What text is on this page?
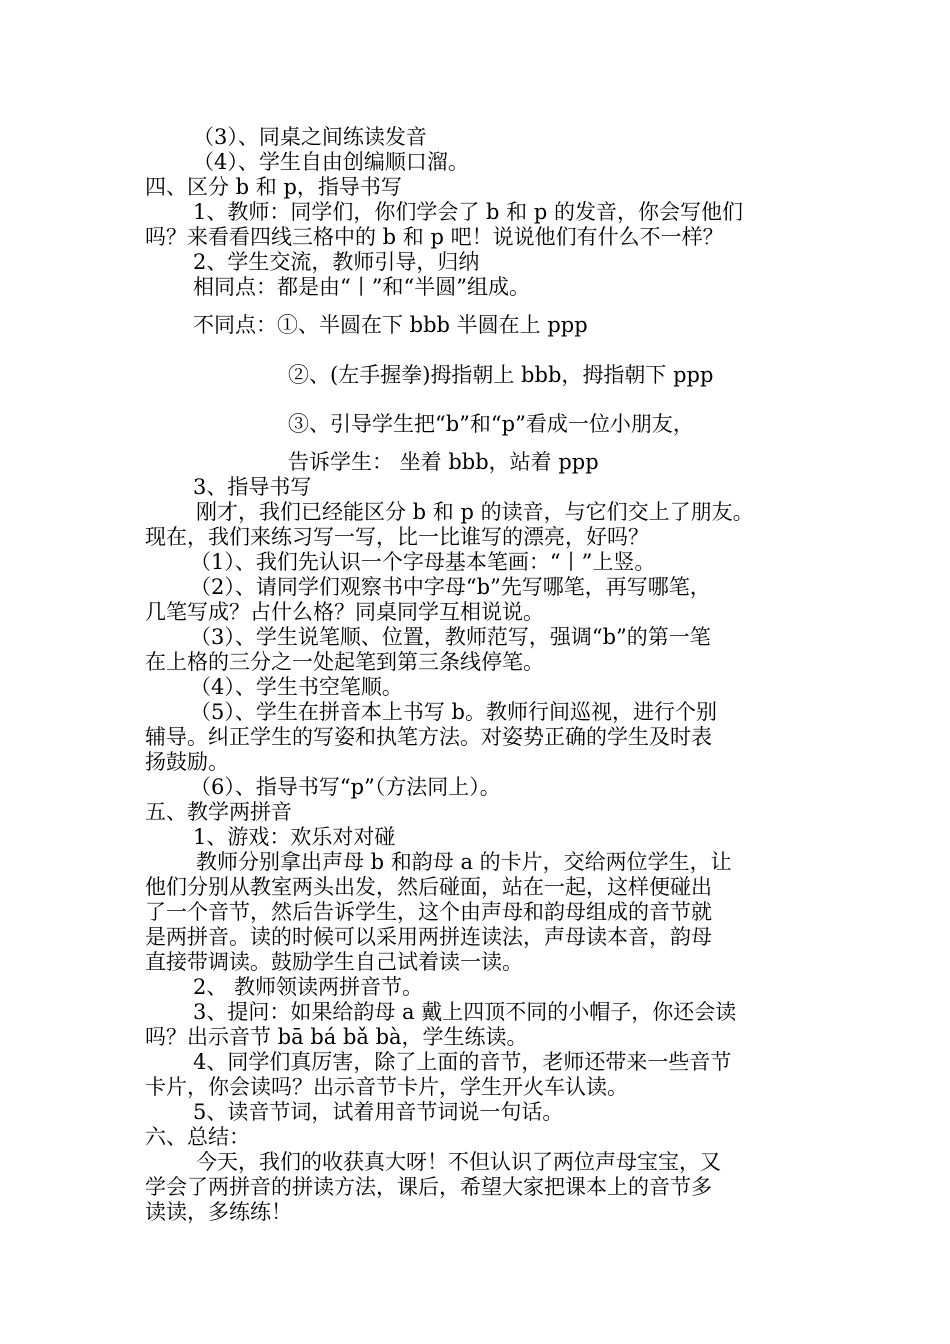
（3）、同桌之间练读发音
（4）、学生自由创编顺口溜。
四、区分 b 和 p，指导书写
1、教师：同学们，你们学会了 b 和 p 的发音，你会写他们
吗？来看看四线三格中的 b 和 p 吧！说说他们有什么不一样？
2、学生交流，教师引导，归纳
相同点：都是由“丨”和“半圆”组成。
不同点：①、半圆在下 bbb 半圆在上 ppp
②、(左手握拳)拇指朝上 bbb，拇指朝下 ppp
③、引导学生把“b”和“p”看成一位小朋友，
告诉学生： 坐着 bbb，站着 ppp
3、指导书写
刚才，我们已经能区分 b 和 p 的读音，与它们交上了朋友。
现在，我们来练习写一写，比一比谁写的漂亮，好吗？
（1）、我们先认识一个字母基本笔画：“丨”上竖。
（2）、请同学们观察书中字母“b”先写哪笔，再写哪笔，
几笔写成？占什么格？同桌同学互相说说。
（3）、学生说笔顺、位置，教师范写，强调“b”的第一笔
在上格的三分之一处起笔到第三条线停笔。
（4）、学生书空笔顺。
（5）、学生在拼音本上书写 b。教师行间巡视，进行个别
辅导。纠正学生的写姿和执笔方法。对姿势正确的学生及时表
扬鼓励。
（6）、指导书写“p”（方法同上）。
五、教学两拼音
1、游戏：欢乐对对碰
教师分别拿出声母 b 和韵母 a 的卡片，交给两位学生，让
他们分别从教室两头出发，然后碰面，站在一起，这样便碰出
了一个音节，然后告诉学生，这个由声母和韵母组成的音节就
是两拼音。读的时候可以采用两拼连读法，声母读本音，韵母
直接带调读。鼓励学生自己试着读一读。
2、 教师领读两拼音节。
3、提问：如果给韵母 a 戴上四顶不同的小帽子，你还会读
吗？出示音节 bā bá bǎ bà，学生练读。
4、同学们真厉害，除了上面的音节，老师还带来一些音节
卡片，你会读吗？出示音节卡片，学生开火车认读。
5、读音节词，试着用音节词说一句话。
六、总结：
今天，我们的收获真大呀！不但认识了两位声母宝宝，又
学会了两拼音的拼读方法，课后，希望大家把课本上的音节多
读读，多练练！
